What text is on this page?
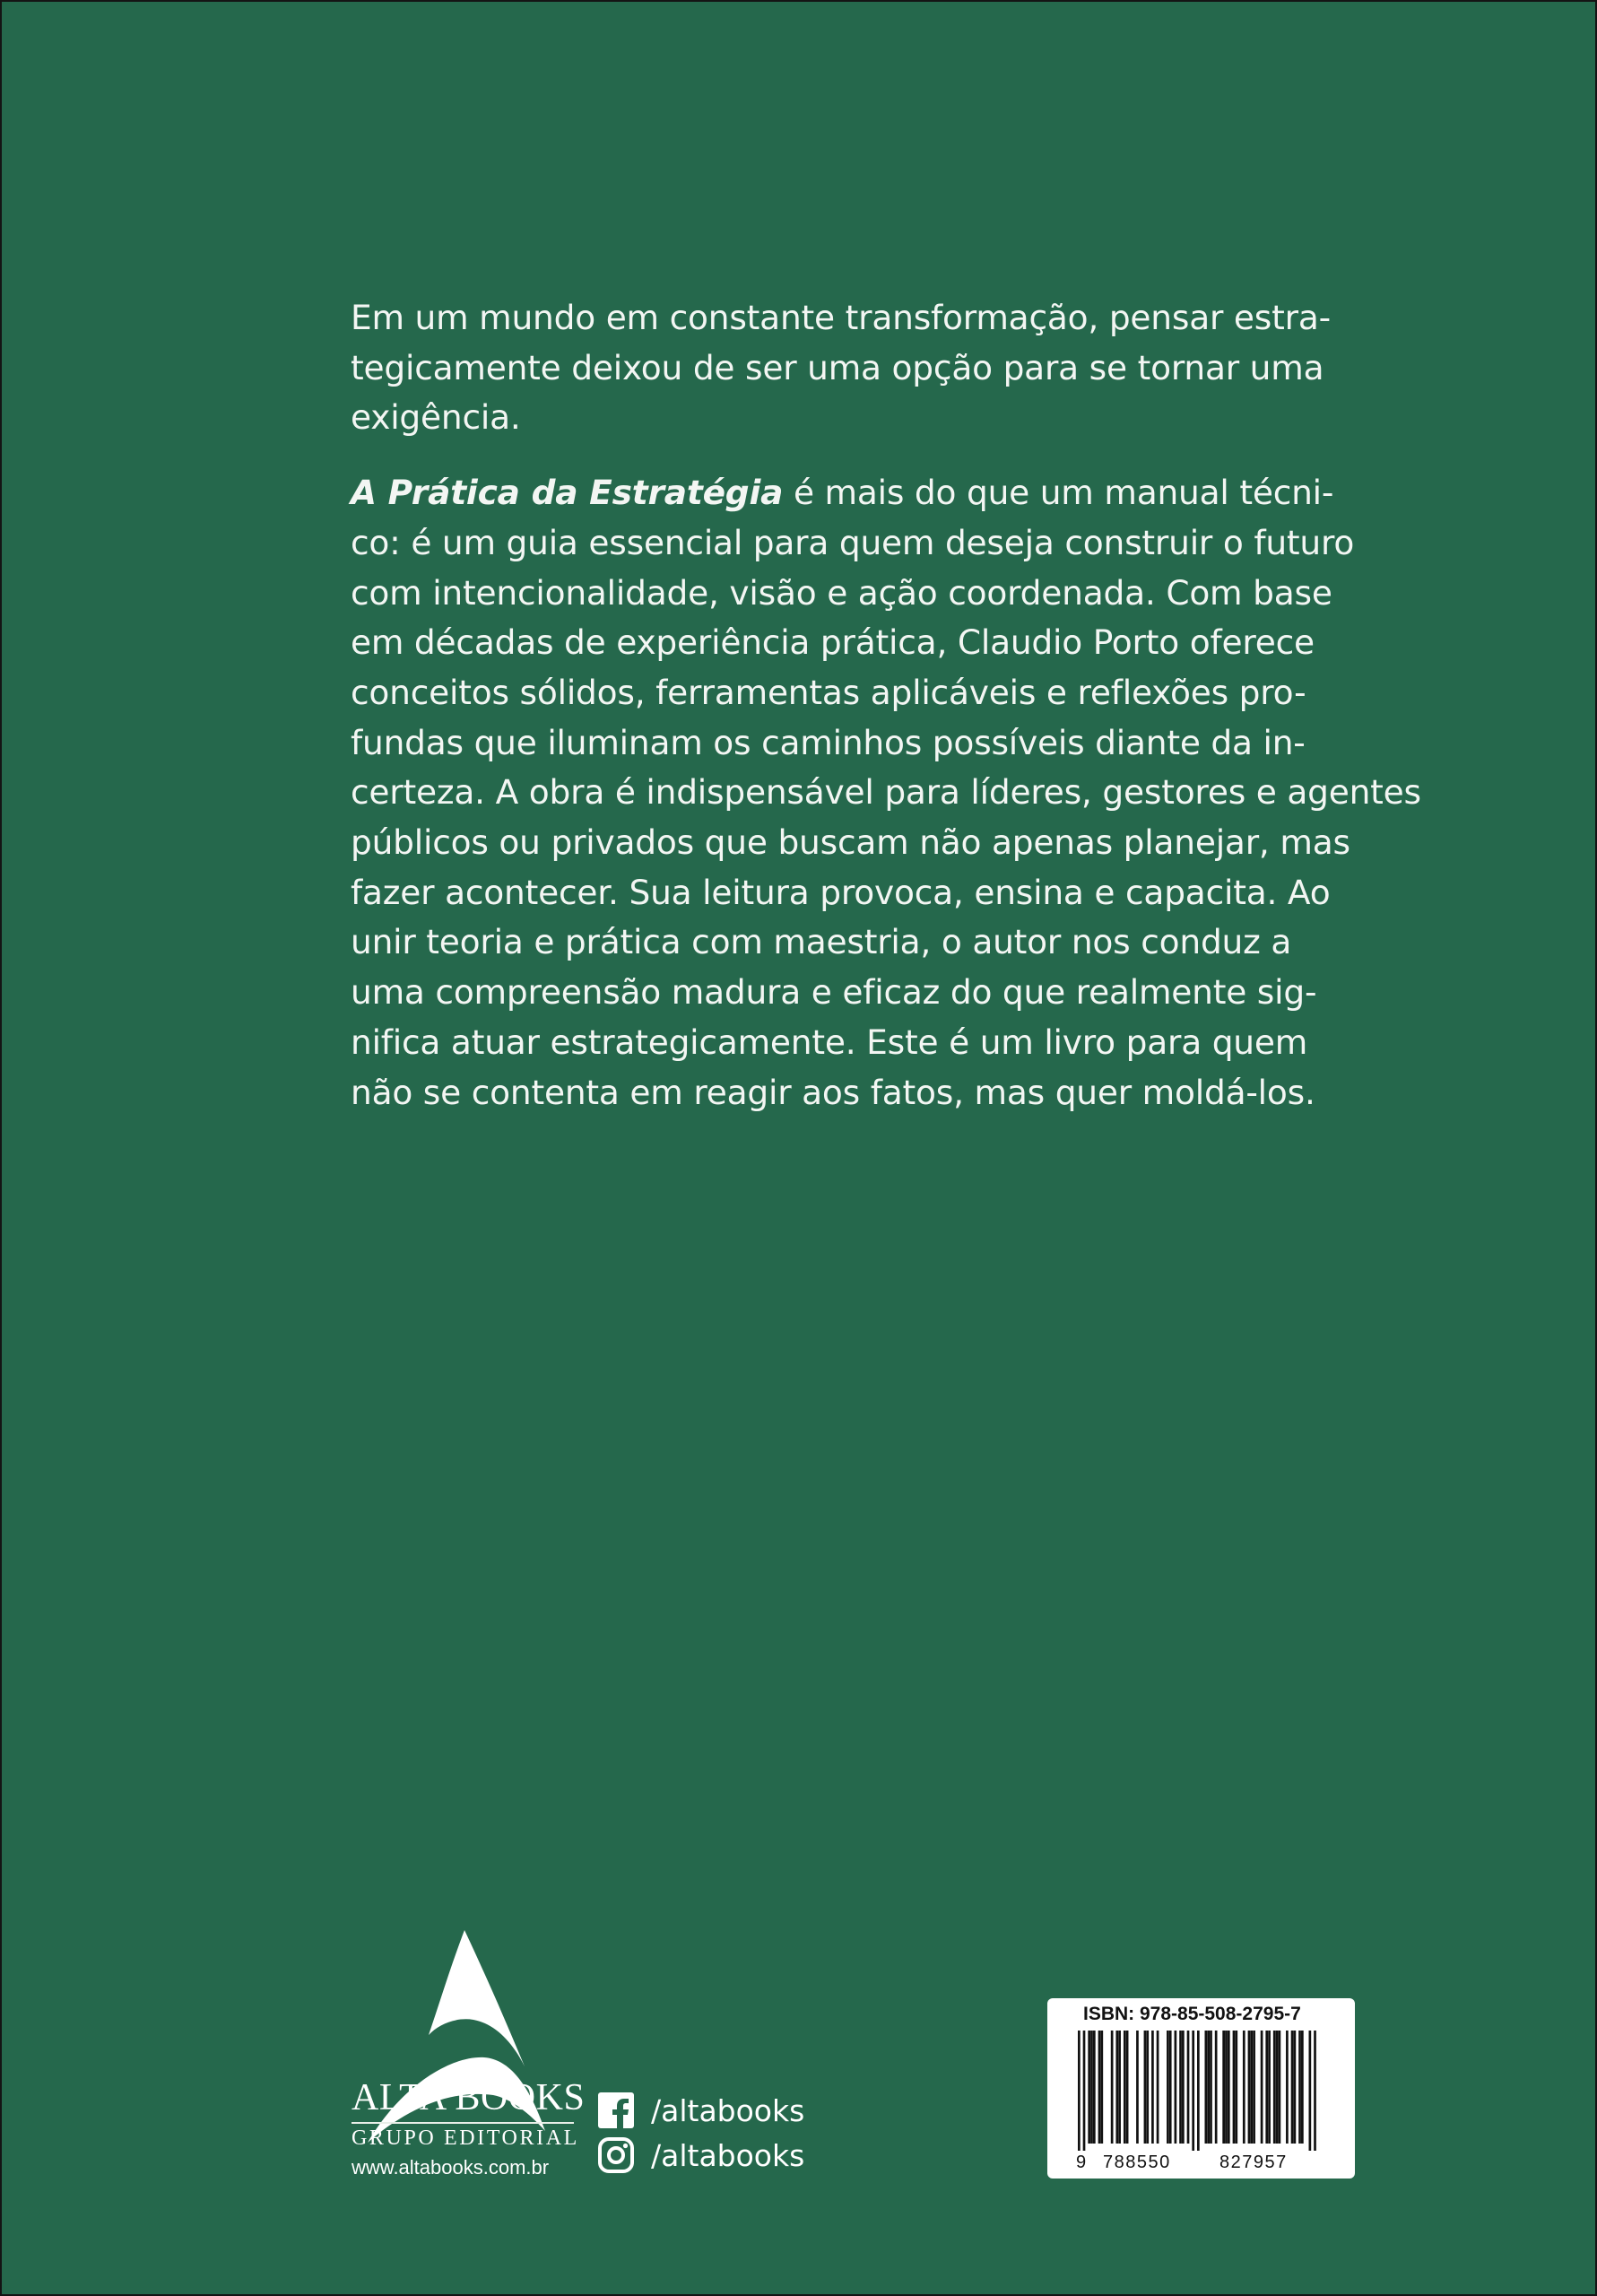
Em um mundo em constante transformação, pensar estra-
tegicamente deixou de ser uma opção para se tornar uma
exigência.
A Prática da Estratégia é mais do que um manual técni-
co: é um guia essencial para quem deseja construir o futuro
com intencionalidade, visão e ação coordenada. Com base
em décadas de experiência prática, Claudio Porto oferece
conceitos sólidos, ferramentas aplicáveis e reflexões pro-
fundas que iluminam os caminhos possíveis diante da in-
certeza. A obra é indispensável para líderes, gestores e agentes
públicos ou privados que buscam não apenas planejar, mas
fazer acontecer. Sua leitura provoca, ensina e capacita. Ao
unir teoria e prática com maestria, o autor nos conduz a
uma compreensão madura e eficaz do que realmente sig-
nifica atuar estrategicamente. Este é um livro para quem
não se contenta em reagir aos fatos, mas quer moldá-los.
ALTA BOOKS
GRUPO EDITORIAL
www.altabooks.com.br
/altabooks
/altabooks
ISBN: 978-85-508-2795-7
9 788550	827957
